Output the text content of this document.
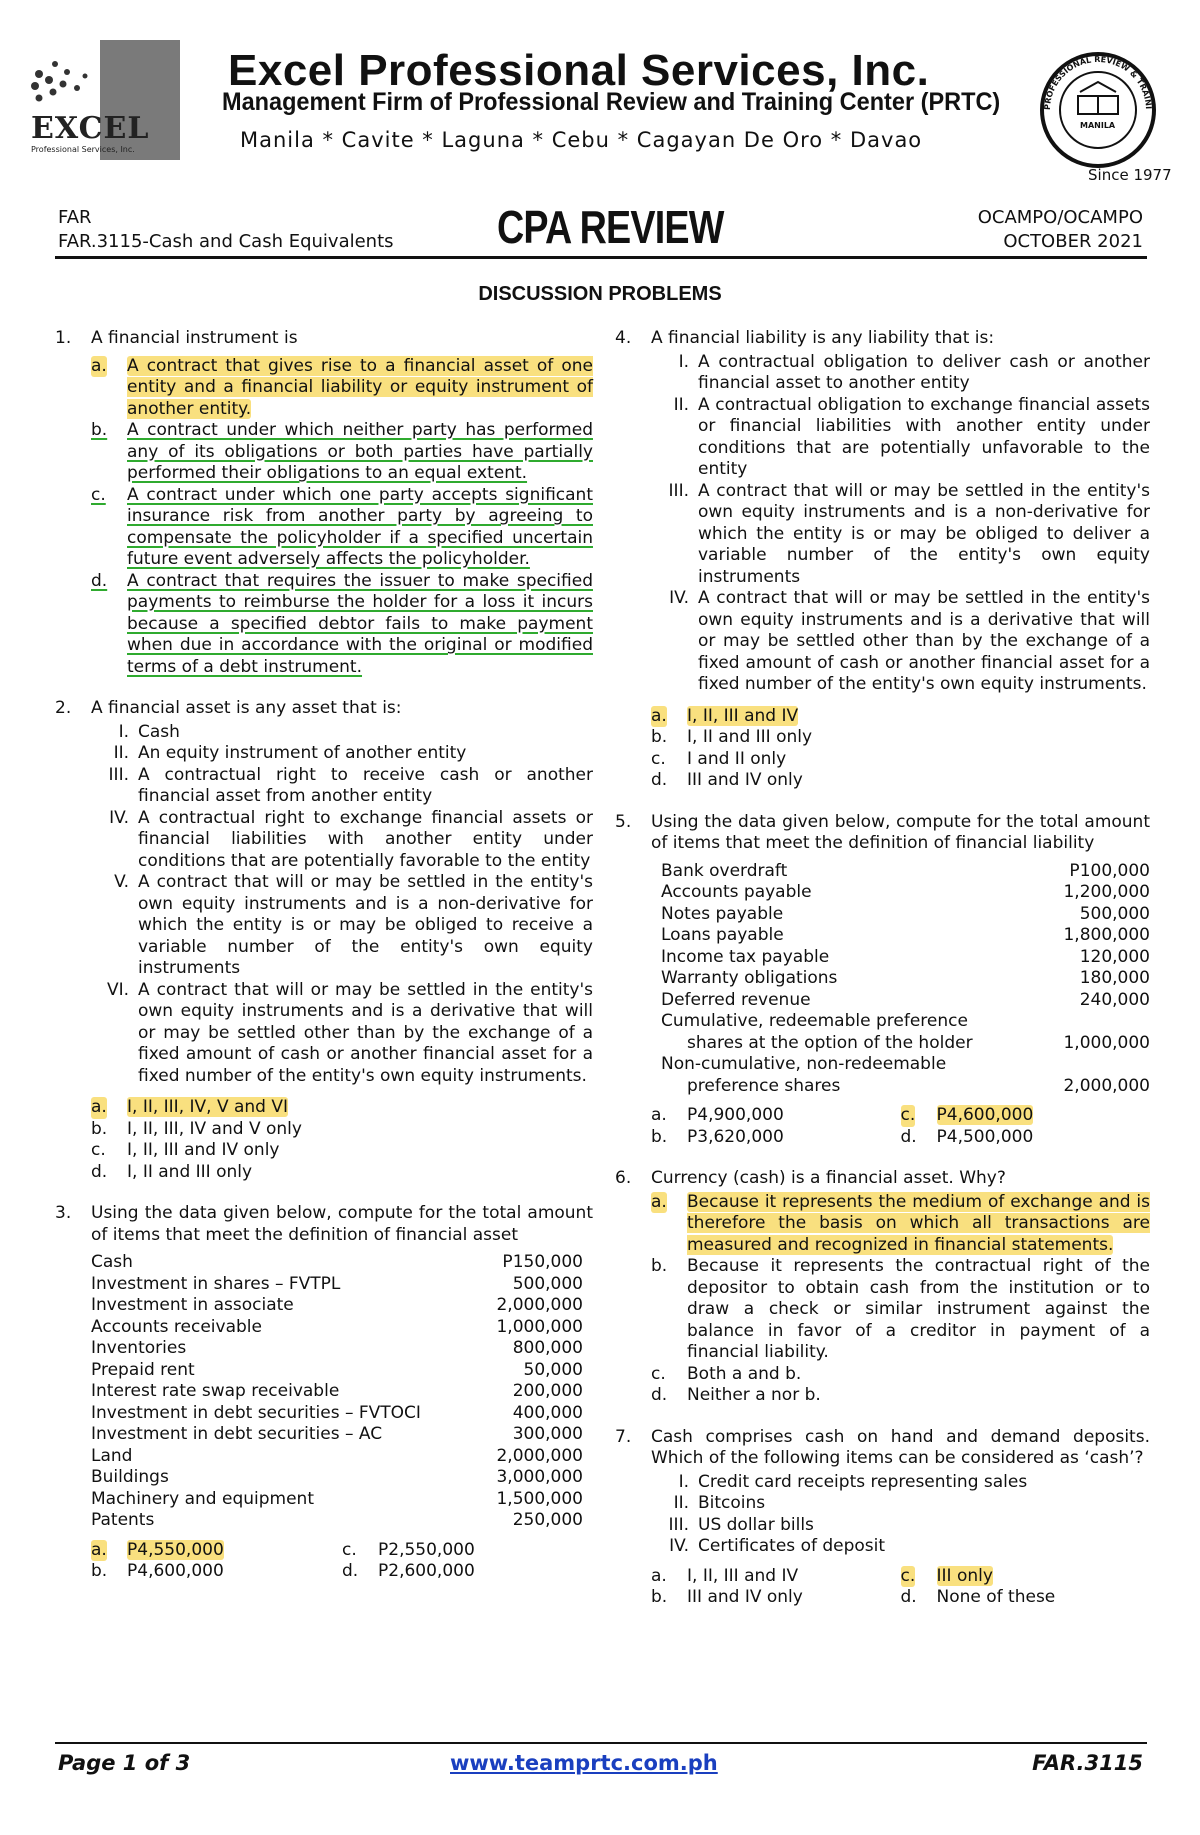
EXCEL
Professional Services, Inc.
Excel Professional Services, Inc.
Management Firm of Professional Review and Training Center (PRTC)
Manila * Cavite * Laguna * Cebu * Cagayan De Oro * Davao
PROFESSIONAL REVIEW & TRAINI
MANILA
Since 1977
FAR
FAR.3115-Cash and Cash Equivalents CPA REVIEW	OCAMPO/OCAMPO
OCTOBER 2021
DISCUSSION PROBLEMS
1.	A financial instrument is
a. A contract that gives rise to a financial asset of one entity and a financial liability or equity instrument of another entity.
b. A contract under which neither party has performed any of its obligations or both parties have partially performed their obligations to an equal extent.
c. A contract under which one party accepts significant insurance risk from another party by agreeing to compensate the policyholder if a specified uncertain future event adversely affects the policyholder.
d. A contract that requires the issuer to make specified payments to reimburse the holder for a loss it incurs because a specified debtor fails to make payment when due in accordance with the original or modified terms of a debt instrument.
2.	A financial asset is any asset that is:
I. Cash
II. An equity instrument of another entity
III. A contractual right to receive cash or another financial asset from another entity
IV. A contractual right to exchange financial assets or financial liabilities with another entity under conditions that are potentially favorable to the entity
V. A contract that will or may be settled in the entity's own equity instruments and is a non-derivative for which the entity is or may be obliged to receive a variable number of the entity's own equity instruments
VI. A contract that will or may be settled in the entity's own equity instruments and is a derivative that will or may be settled other than by the exchange of a fixed amount of cash or another financial asset for a fixed number of the entity's own equity instruments.
a. I, II, III, IV, V and VI
b. I, II, III, IV and V only
c. I, II, III and IV only
d. I, II and III only
3.	Using the data given below, compute for the total amount of items that meet the definition of financial asset
Cash	P150,000
Investment in shares – FVTPL	500,000
Investment in associate	2,000,000
Accounts receivable	1,000,000
Inventories	800,000
Prepaid rent	50,000
Interest rate swap receivable	200,000
Investment in debt securities – FVTOCI	400,000
Investment in debt securities – AC	300,000
Land	2,000,000
Buildings	3,000,000
Machinery and equipment	1,500,000
Patents	250,000
a. P4,550,000	c. P2,550,000
b. P4,600,000	d. P2,600,000
4.	A financial liability is any liability that is:
I. A contractual obligation to deliver cash or another financial asset to another entity
II. A contractual obligation to exchange financial assets or financial liabilities with another entity under conditions that are potentially unfavorable to the entity
III. A contract that will or may be settled in the entity's own equity instruments and is a non-derivative for which the entity is or may be obliged to deliver a variable number of the entity's own equity instruments
IV. A contract that will or may be settled in the entity's own equity instruments and is a derivative that will or may be settled other than by the exchange of a fixed amount of cash or another financial asset for a fixed number of the entity's own equity instruments.
a. I, II, III and IV
b. I, II and III only
c. I and II only
d. III and IV only
5.	Using the data given below, compute for the total amount of items that meet the definition of financial liability
Bank overdraft	P100,000
Accounts payable	1,200,000
Notes payable	500,000
Loans payable	1,800,000
Income tax payable	120,000
Warranty obligations	180,000
Deferred revenue	240,000
Cumulative, redeemable preference
shares at the option of the holder	1,000,000
Non-cumulative, non-redeemable
preference shares	2,000,000
a. P4,900,000	c. P4,600,000
b. P3,620,000	d. P4,500,000
6.	Currency (cash) is a financial asset. Why?
a. Because it represents the medium of exchange and is therefore the basis on which all transactions are measured and recognized in financial statements.
b. Because it represents the contractual right of the depositor to obtain cash from the institution or to draw a check or similar instrument against the balance in favor of a creditor in payment of a financial liability.
c. Both a and b.
d. Neither a nor b.
7.	Cash comprises cash on hand and demand deposits. Which of the following items can be considered as ‘cash’?
I. Credit card receipts representing sales
II. Bitcoins
III. US dollar bills
IV. Certificates of deposit
a. I, II, III and IV	c. III only
b. III and IV only	d. None of these
Page 1 of 3	www.teamprtc.com.ph	FAR.3115
